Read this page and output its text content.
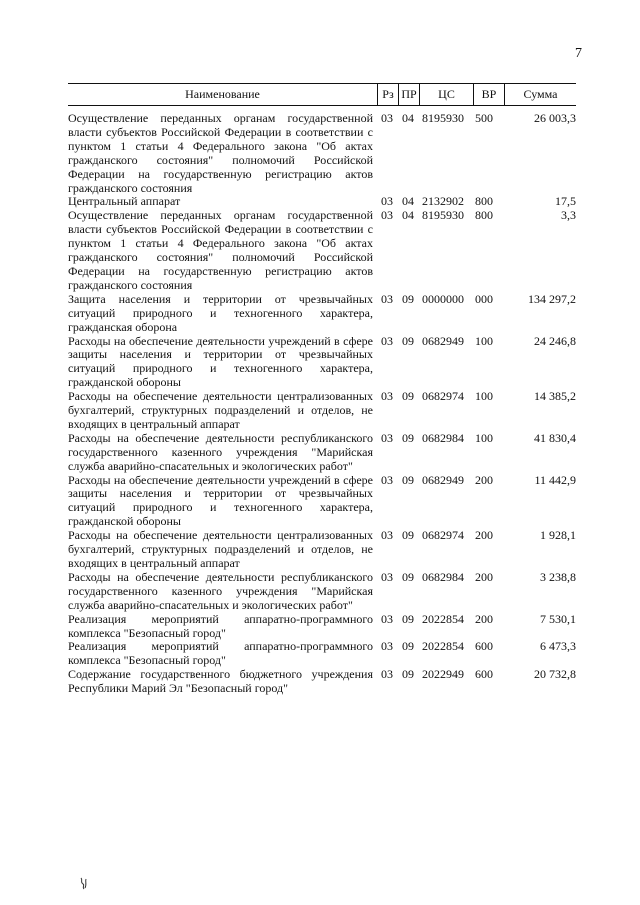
7
Наименование	Рз ПР	ЦС	ВР	Сумма
Осуществление переданных органам государственной власти субъектов Российской Федерации в соответствии с пунктом 1 статьи 4 Федерального закона "Об актах гражданского состояния" полномочий Российской Федерации на государственную регистрацию актов гражданского состояния
03 04 8195930 500	26 003,3
Центральный аппарат	03 04 2132902 800	17,5
Осуществление переданных органам государственной власти субъектов Российской Федерации в соответствии с пунктом 1 статьи 4 Федерального закона "Об актах гражданского состояния" полномочий Российской Федерации на государственную регистрацию актов гражданского состояния
03 04 8195930 800	3,3
Защита населения и территории от чрезвычайных ситуаций природного и техногенного характера, гражданская оборона
03 09 0000000 000	134 297,2
Расходы на обеспечение деятельности учреждений в сфере защиты населения и территории от чрезвычайных ситуаций природного и техногенного характера, гражданской обороны
03 09 0682949 100	24 246,8
Расходы на обеспечение деятельности централизованных бухгалтерий, структурных подразделений и отделов, не входящих в центральный аппарат
03 09 0682974 100	14 385,2
Расходы на обеспечение деятельности республиканского государственного казенного учреждения "Марийская служба аварийно-спасательных и экологических работ"
03 09 0682984 100	41 830,4
Расходы на обеспечение деятельности учреждений в сфере защиты населения и территории от чрезвычайных ситуаций природного и техногенного характера, гражданской обороны
03 09 0682949 200	11 442,9
Расходы на обеспечение деятельности централизованных бухгалтерий, структурных подразделений и отделов, не входящих в центральный аппарат
03 09 0682974 200	1 928,1
Расходы на обеспечение деятельности республиканского государственного казенного учреждения "Марийская служба аварийно-спасательных и экологических работ"
03 09 0682984 200	3 238,8
Реализация мероприятий аппаратно-программного комплекса "Безопасный город"
03 09 2022854 200	7 530,1
Реализация мероприятий аппаратно-программного комплекса "Безопасный город"
03 09 2022854 600	6 473,3
Содержание государственного бюджетного учреждения Республики Марий Эл "Безопасный город"
03 09 2022949 600	20 732,8
